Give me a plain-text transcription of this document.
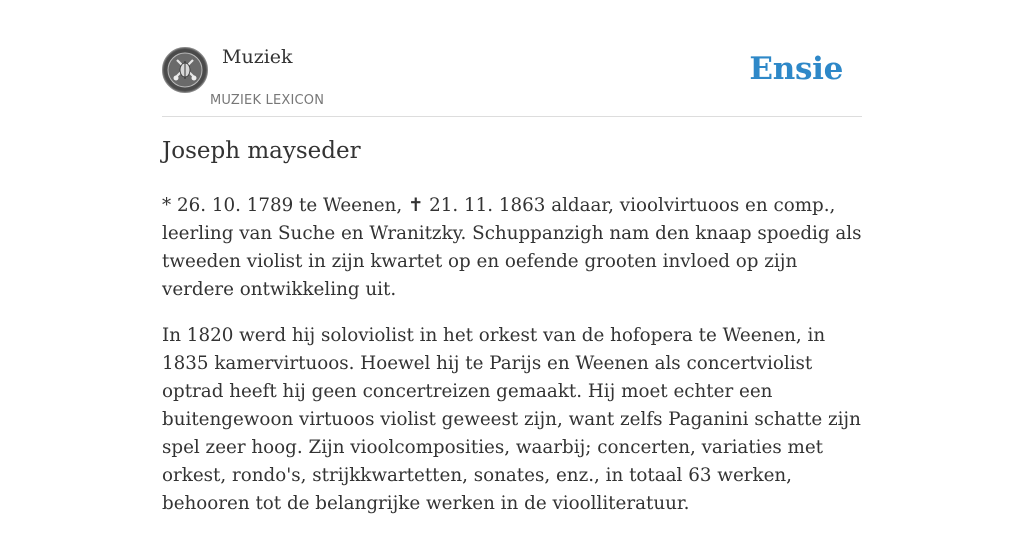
Muziek
MUZIEK LEXICON
Ensie
Joseph mayseder

* 26. 10. 1789 te Weenen, ✝ 21. 11. 1863 aldaar, vioolvirtuoos en comp., leerling van Suche en Wranitzky. Schuppanzigh nam den knaap spoedig als tweeden violist in zijn kwartet op en oefende grooten invloed op zijn verdere ontwikkeling uit.

In 1820 werd hij soloviolist in het orkest van de hofopera te Weenen, in 1835 kamervirtuoos. Hoewel hij te Parijs en Weenen als concertviolist optrad heeft hij geen concertreizen gemaakt. Hij moet echter een buitengewoon virtuoos violist geweest zijn, want zelfs Paganini schatte zijn spel zeer hoog. Zijn vioolcomposities, waarbij; concerten, variaties met orkest, rondo's, strijkkwartetten, sonates, enz., in totaal 63 werken, behooren tot de belangrijke werken in de vioolliteratuur.
